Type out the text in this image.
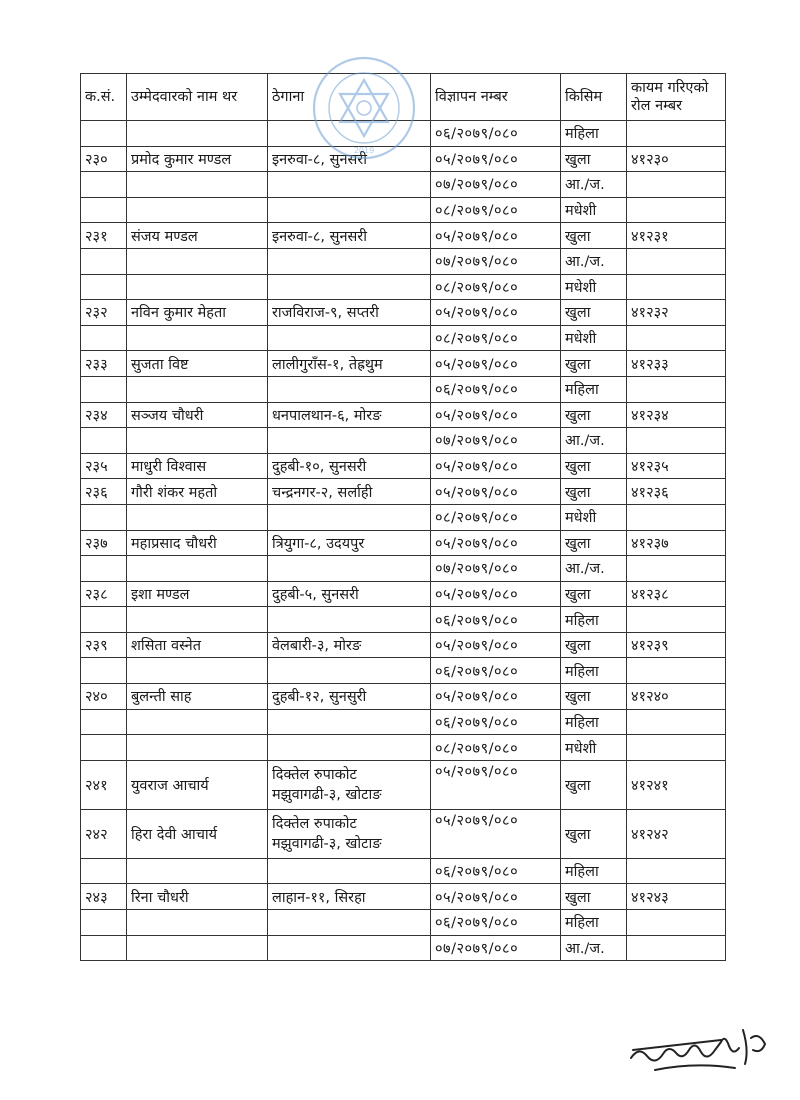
क.सं.	उम्मेदवारको नाम थर	ठेगाना	विज्ञापन नम्बर	किसिम	कायम गरिएको रोल नम्बर
			०६/२०७९/०८०	महिला	
२३०	प्रमोद कुमार मण्डल	इनरुवा-८, सुनसरी	०५/२०७९/०८०	खुला	४१२३०
			०७/२०७९/०८०	आ./ज.	
			०८/२०७९/०८०	मधेशी	
२३१	संजय मण्डल	इनरुवा-८, सुनसरी	०५/२०७९/०८०	खुला	४१२३१
			०७/२०७९/०८०	आ./ज.	
			०८/२०७९/०८०	मधेशी	
२३२	नविन कुमार मेहता	राजविराज-९, सप्तरी	०५/२०७९/०८०	खुला	४१२३२
			०८/२०७९/०८०	मधेशी	
२३३	सुजता विष्ट	लालीगुराँस-१, तेह्रथुम	०५/२०७९/०८०	खुला	४१२३३
			०६/२०७९/०८०	महिला	
२३४	सञ्जय चौधरी	धनपालथान-६, मोरङ	०५/२०७९/०८०	खुला	४१२३४
			०७/२०७९/०८०	आ./ज.	
२३५	माधुरी विश्वास	दुहबी-१०, सुनसरी	०५/२०७९/०८०	खुला	४१२३५
२३६	गौरी शंकर महतो	चन्द्रनगर-२, सर्लाही	०५/२०७९/०८०	खुला	४१२३६
			०८/२०७९/०८०	मधेशी	
२३७	महाप्रसाद चौधरी	त्रियुगा-८, उदयपुर	०५/२०७९/०८०	खुला	४१२३७
			०७/२०७९/०८०	आ./ज.	
२३८	इशा मण्डल	दुहबी-५, सुनसरी	०५/२०७९/०८०	खुला	४१२३८
			०६/२०७९/०८०	महिला	
२३९	शसिता वस्नेत	वेलबारी-३, मोरङ	०५/२०७९/०८०	खुला	४१२३९
			०६/२०७९/०८०	महिला	
२४०	बुलन्ती साह	दुहबी-१२, सुनसुरी	०५/२०७९/०८०	खुला	४१२४०
			०६/२०७९/०८०	महिला	
			०८/२०७९/०८०	मधेशी	
२४१	युवराज आचार्य	दिक्तेल रुपाकोट
मझुवागढी-३, खोटाङ	०५/२०७९/०८०	खुला	४१२४१
२४२	हिरा देवी आचार्य	दिक्तेल रुपाकोट
मझुवागढी-३, खोटाङ	०५/२०७९/०८०	खुला	४१२४२
			०६/२०७९/०८०	महिला	
२४३	रिना चौधरी	लाहान-११, सिरहा	०५/२०७९/०८०	खुला	४१२४३
			०६/२०७९/०८०	महिला	
			०७/२०७९/०८०	आ./ज.	
2019
